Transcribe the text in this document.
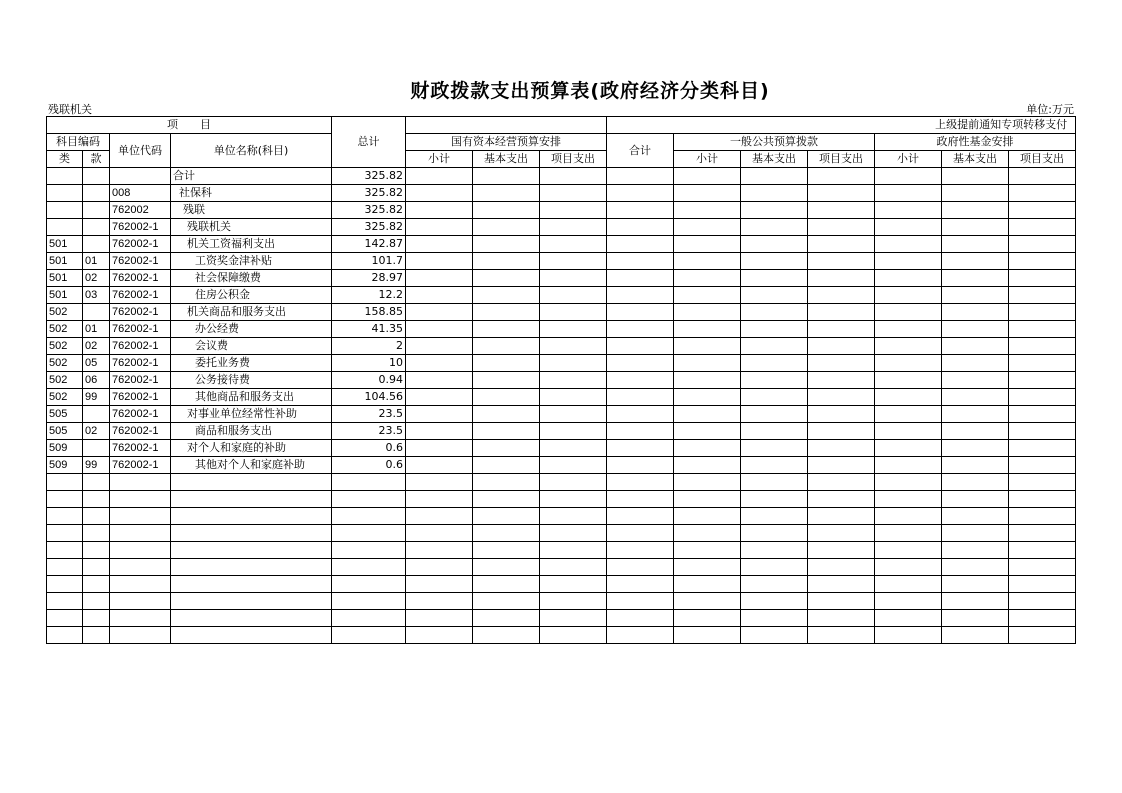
财政拨款支出预算表(政府经济分类科目)
残联机关	单位:万元
项　　目				总计				上级提前通知专项转移支付						
科目编码		单位代码	单位名称(科目)		国有资本经营预算安排			合计	一般公共预算拨款			政府性基金安排		
类	款				小计	基本支出	项目支出		小计	基本支出	项目支出	小计	基本支出	项目支出
			合计	325.82										
		008	社保科	325.82										
		762002	残联	325.82										
		762002-1	残联机关	325.82										
501		762002-1	机关工资福利支出	142.87										
501	01	762002-1	工资奖金津补贴	101.7										
501	02	762002-1	社会保障缴费	28.97										
501	03	762002-1	住房公积金	12.2										
502		762002-1	机关商品和服务支出	158.85										
502	01	762002-1	办公经费	41.35										
502	02	762002-1	会议费	2										
502	05	762002-1	委托业务费	10										
502	06	762002-1	公务接待费	0.94										
502	99	762002-1	其他商品和服务支出	104.56										
505		762002-1	对事业单位经常性补助	23.5										
505	02	762002-1	商品和服务支出	23.5										
509		762002-1	对个人和家庭的补助	0.6										
509	99	762002-1	其他对个人和家庭补助	0.6										
